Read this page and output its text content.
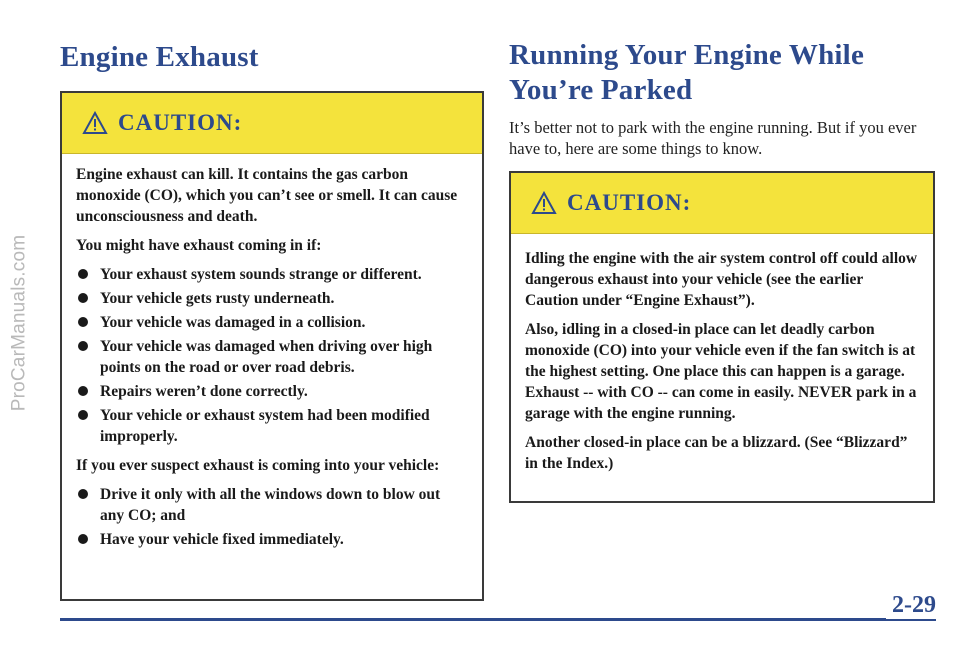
ProCarManuals.com
Engine Exhaust
CAUTION:

Engine exhaust can kill. It contains the gas carbon monoxide (CO), which you can’t see or smell. It can cause unconsciousness and death.

You might have exhaust coming in if:

Your exhaust system sounds strange or different.
Your vehicle gets rusty underneath.
Your vehicle was damaged in a collision.
Your vehicle was damaged when driving over high points on the road or over road debris.
Repairs weren’t done correctly.
Your vehicle or exhaust system had been modified improperly.

If you ever suspect exhaust is coming into your vehicle:

Drive it only with all the windows down to blow out any CO; and
Have your vehicle fixed immediately.
Running Your Engine While You’re Parked

It’s better not to park with the engine running. But if you ever have to, here are some things to know.

CAUTION:

Idling the engine with the air system control off could allow dangerous exhaust into your vehicle (see the earlier Caution under “Engine Exhaust”).

Also, idling in a closed-in place can let deadly carbon monoxide (CO) into your vehicle even if the fan switch is at the highest setting. One place this can happen is a garage. Exhaust -- with CO -- can come in easily. NEVER park in a garage with the engine running.

Another closed-in place can be a blizzard. (See “Blizzard” in the Index.)

2-29
